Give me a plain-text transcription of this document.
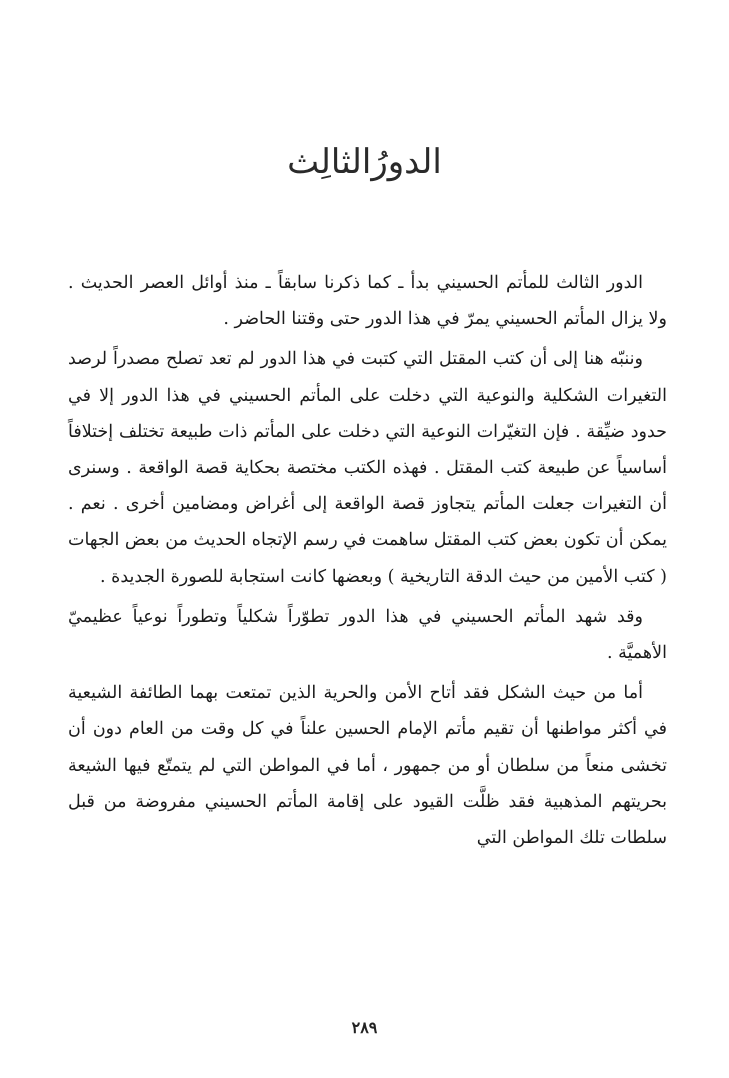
الدورُالثالِث

الدور الثالث للمأتم الحسيني بدأ ـ كما ذكرنا سابقاً ـ منذ أوائل العصر الحديث . ولا يزال المأتم الحسيني يمرّ في هذا الدور حتى وقتنا الحاضر .

وننبّه هنا إلى أن كتب المقتل التي كتبت في هذا الدور لم تعد تصلح مصدراً لرصد التغيرات الشكلية والنوعية التي دخلت على المأتم الحسيني في هذا الدور إلا في حدود ضيِّقة . فإن التغيّرات النوعية التي دخلت على المأتم ذات طبيعة تختلف إختلافاً أساسياً عن طبيعة كتب المقتل . فهذه الكتب مختصة بحكاية قصة الواقعة . وسنرى أن التغيرات جعلت المأتم يتجاوز قصة الواقعة إلى أغراض ومضامين أخرى . نعم . يمكن أن تكون بعض كتب المقتل ساهمت في رسم الإتجاه الحديث من بعض الجهات ( كتب الأمين من حيث الدقة التاريخية ) وبعضها كانت استجابة للصورة الجديدة .

وقد شهد المأتم الحسيني في هذا الدور تطوّراً شكلياً وتطوراً نوعياً عظيميّ الأهميَّة .

أما من حيث الشكل فقد أتاح الأمن والحرية الذين تمتعت بهما الطائفة الشيعية في أكثر مواطنها أن تقيم مأتم الإمام الحسين علناً في كل وقت من العام دون أن تخشى منعاً من سلطان أو من جمهور ، أما في المواطن التي لم يتمتّع فيها الشيعة بحريتهم المذهبية فقد ظلَّت القيود على إقامة المأتم الحسيني مفروضة من قبل سلطات تلك المواطن التي

٢٨٩
